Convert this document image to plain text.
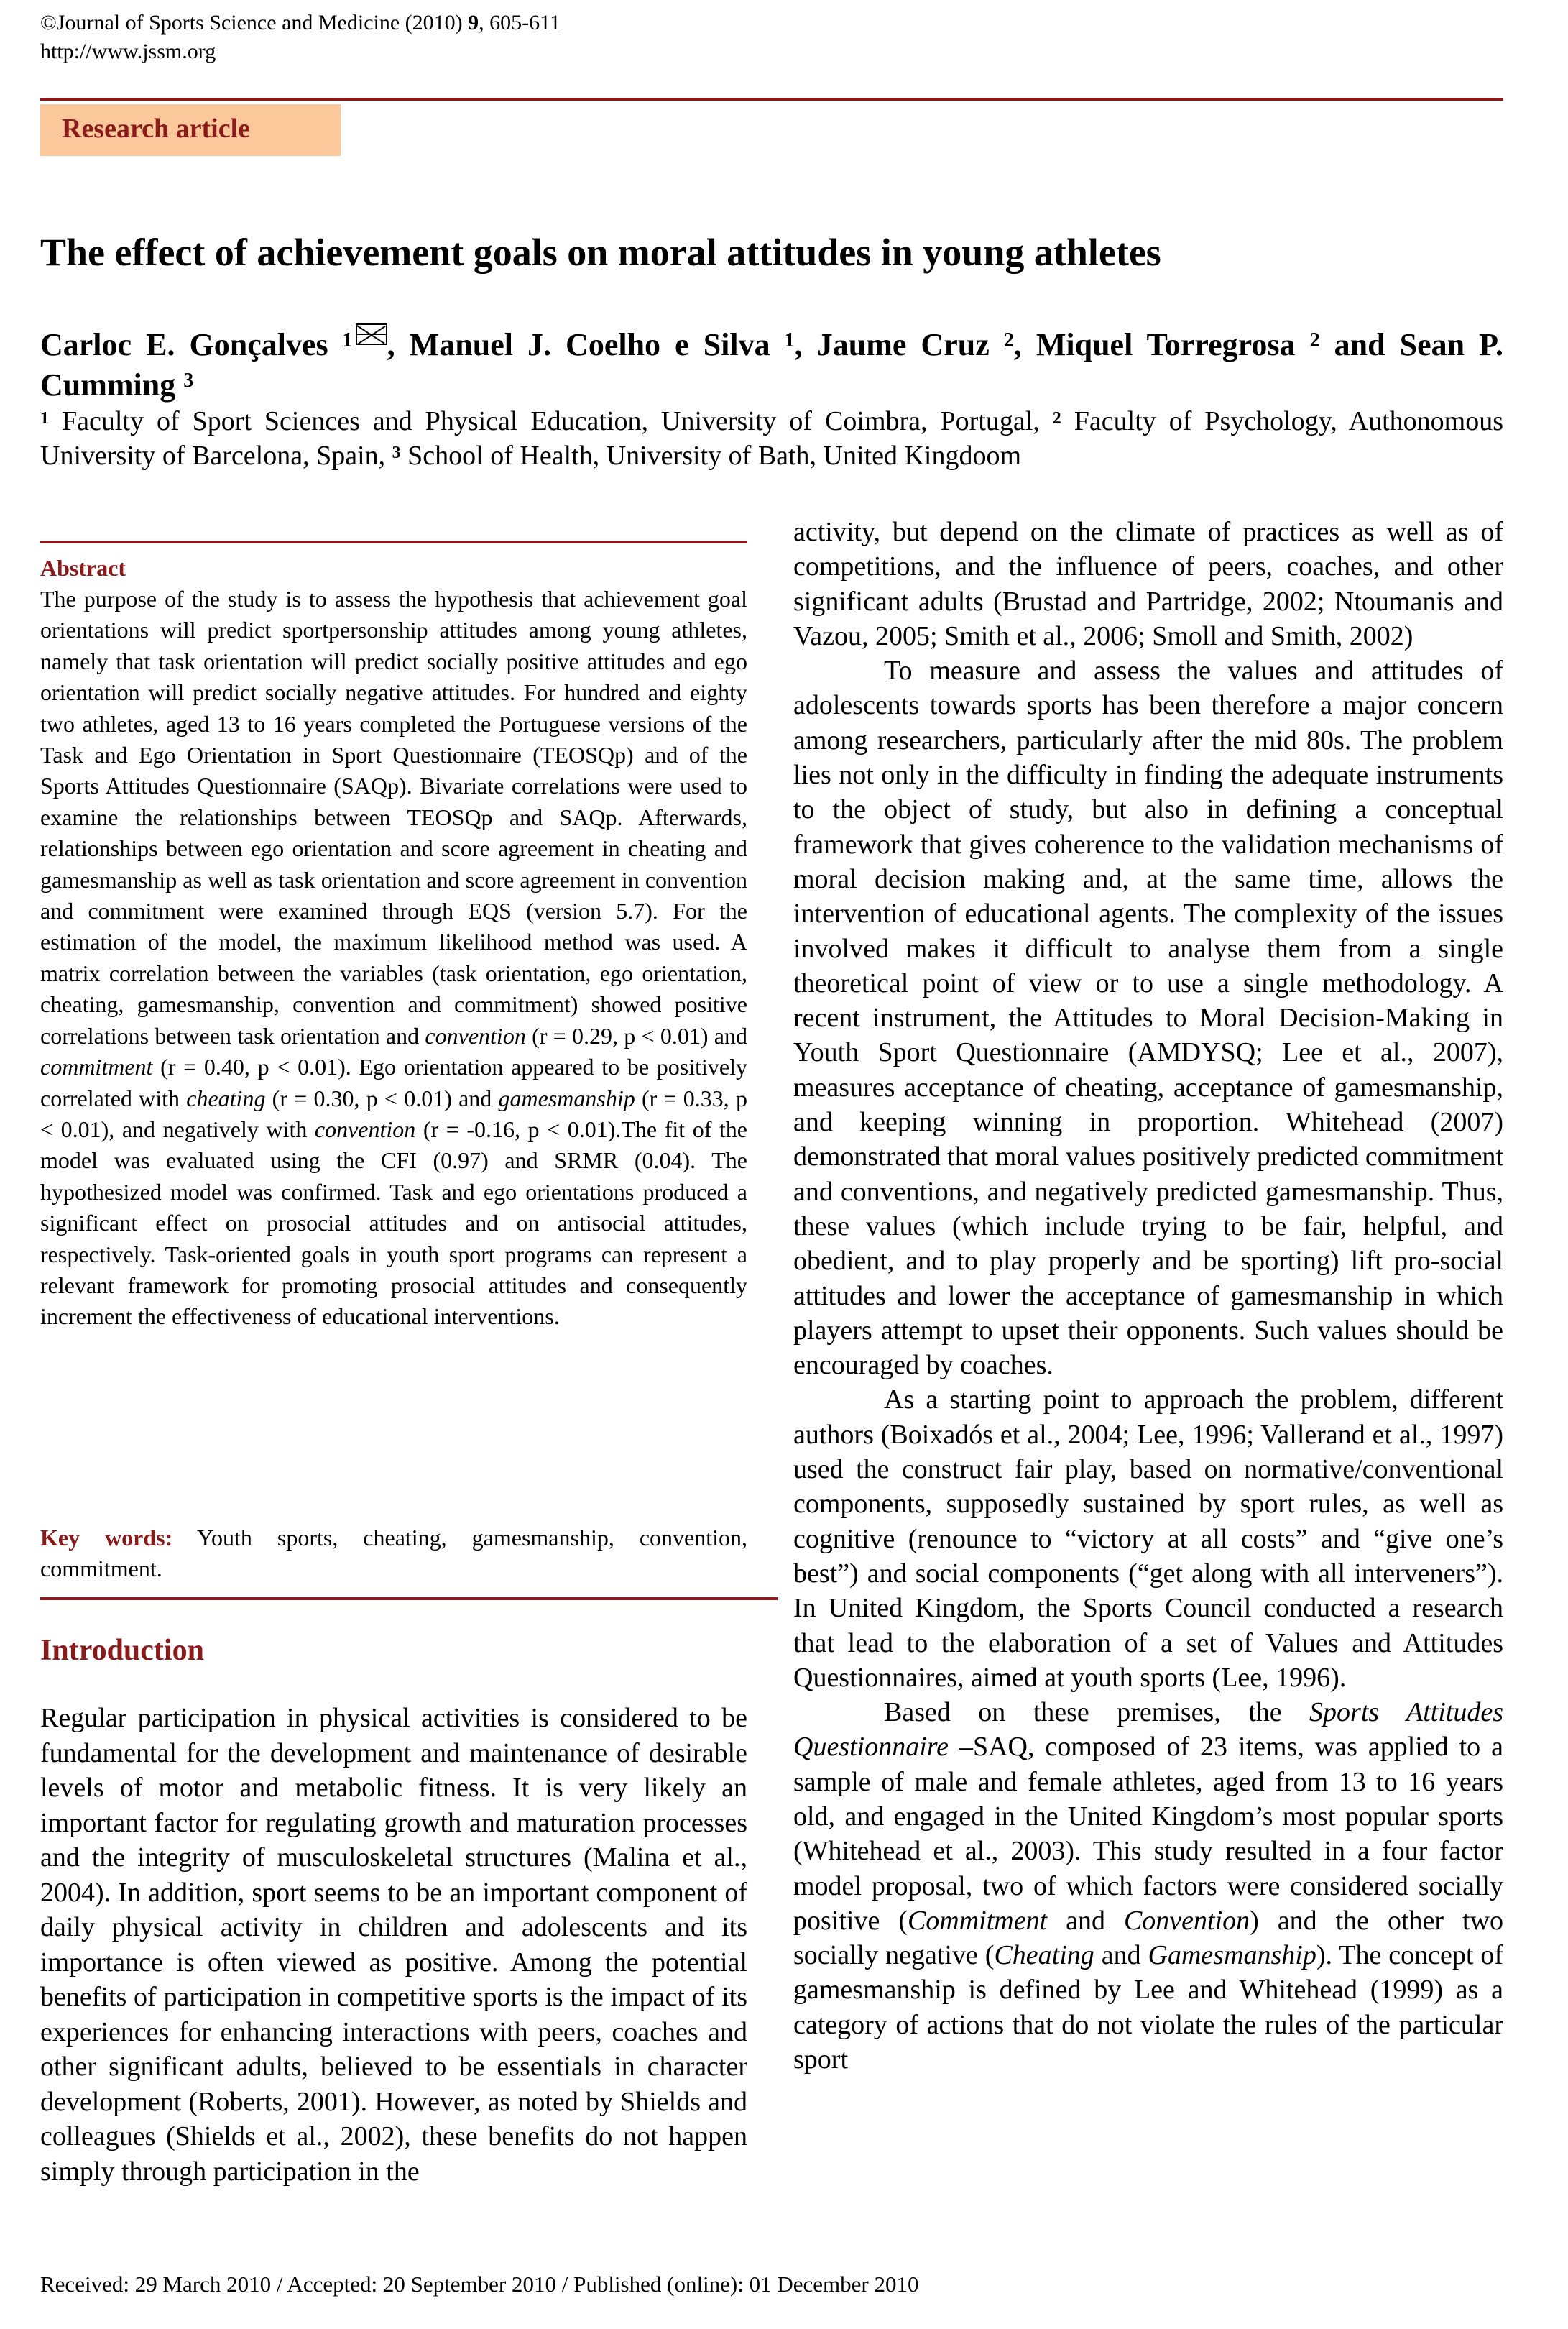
©Journal of Sports Science and Medicine (2010) 9, 605-611
http://www.jssm.org
Research article
The effect of achievement goals on moral attitudes in young athletes
Carloc E. Gonçalves $^1$ , Manuel J. Coelho e Silva $^1$, Jaume Cruz $^2$, Miquel Torregrosa $^2$ and Sean P. Cumming $^3$
$^1$ Faculty of Sport Sciences and Physical Education, University of Coimbra, Portugal, $^2$ Faculty of Psychology, Authonomous University of Barcelona, Spain, $^3$ School of Health, University of Bath, United Kingdoom
Abstract
The purpose of the study is to assess the hypothesis that achievement goal orientations will predict sportpersonship attitudes among young athletes, namely that task orientation will predict socially positive attitudes and ego orientation will predict socially negative attitudes. For hundred and eighty two athletes, aged 13 to 16 years completed the Portuguese versions of the Task and Ego Orientation in Sport Questionnaire (TEOSQp) and of the Sports Attitudes Questionnaire (SAQp). Bivariate correlations were used to examine the relationships between TEOSQp and SAQp. Afterwards, relationships between ego orientation and score agreement in cheating and gamesmanship as well as task orientation and score agreement in convention and commitment were examined through EQS (version 5.7). For the estimation of the model, the maximum likelihood method was used. A matrix correlation between the variables (task orientation, ego orientation, cheating, gamesmanship, convention and commitment) showed positive correlations between task orientation and convention (r = 0.29, p < 0.01) and commitment (r = 0.40, p < 0.01). Ego orientation appeared to be positively correlated with cheating (r = 0.30, p < 0.01) and gamesmanship (r = 0.33, p < 0.01), and negatively with convention (r = -0.16, p < 0.01).The fit of the model was evaluated using the CFI (0.97) and SRMR (0.04). The hypothesized model was confirmed. Task and ego orientations produced a significant effect on prosocial attitudes and on antisocial attitudes, respectively. Task-oriented goals in youth sport programs can represent a relevant framework for promoting prosocial attitudes and consequently increment the effectiveness of educational interventions.
Key words: Youth sports, cheating, gamesmanship, convention, commitment.
Introduction

Regular participation in physical activities is considered to be fundamental for the development and maintenance of desirable levels of motor and metabolic fitness. It is very likely an important factor for regulating growth and maturation processes and the integrity of musculoskeletal structures (Malina et al., 2004). In addition, sport seems to be an important component of daily physical activity in children and adolescents and its importance is often viewed as positive. Among the potential benefits of participation in competitive sports is the impact of its experiences for enhancing interactions with peers, coaches and other significant adults, believed to be essentials in character development (Roberts, 2001). However, as noted by Shields and colleagues (Shields et al., 2002), these benefits do not happen simply through participation in the

activity, but depend on the climate of practices as well as of competitions, and the influence of peers, coaches, and other significant adults (Brustad and Partridge, 2002; Ntoumanis and Vazou, 2005; Smith et al., 2006; Smoll and Smith, 2002)

To measure and assess the values and attitudes of adolescents towards sports has been therefore a major concern among researchers, particularly after the mid 80s. The problem lies not only in the difficulty in finding the adequate instruments to the object of study, but also in defining a conceptual framework that gives coherence to the validation mechanisms of moral decision making and, at the same time, allows the intervention of educational agents. The complexity of the issues involved makes it difficult to analyse them from a single theoretical point of view or to use a single methodology. A recent instrument, the Attitudes to Moral Decision-Making in Youth Sport Questionnaire (AMDYSQ; Lee et al., 2007), measures acceptance of cheating, acceptance of gamesmanship, and keeping winning in proportion. Whitehead (2007) demonstrated that moral values positively predicted commitment and conventions, and negatively predicted gamesmanship. Thus, these values (which include trying to be fair, helpful, and obedient, and to play properly and be sporting) lift pro-social attitudes and lower the acceptance of gamesmanship in which players attempt to upset their opponents. Such values should be encouraged by coaches.

As a starting point to approach the problem, different authors (Boixadós et al., 2004; Lee, 1996; Vallerand et al., 1997) used the construct fair play, based on normative/conventional components, supposedly sustained by sport rules, as well as cognitive (renounce to “victory at all costs” and “give one’s best”) and social components (“get along with all interveners”). In United Kingdom, the Sports Council conducted a research that lead to the elaboration of a set of Values and Attitudes Questionnaires, aimed at youth sports (Lee, 1996).

Based on these premises, the Sports Attitudes Questionnaire –SAQ, composed of 23 items, was applied to a sample of male and female athletes, aged from 13 to 16 years old, and engaged in the United Kingdom’s most popular sports (Whitehead et al., 2003). This study resulted in a four factor model proposal, two of which factors were considered socially positive (Commitment and Convention) and the other two socially negative (Cheating and Gamesmanship). The concept of gamesmanship is defined by Lee and Whitehead (1999) as a category of actions that do not violate the rules of the particular sport

Received: 29 March 2010 / Accepted: 20 September 2010 / Published (online): 01 December 2010
